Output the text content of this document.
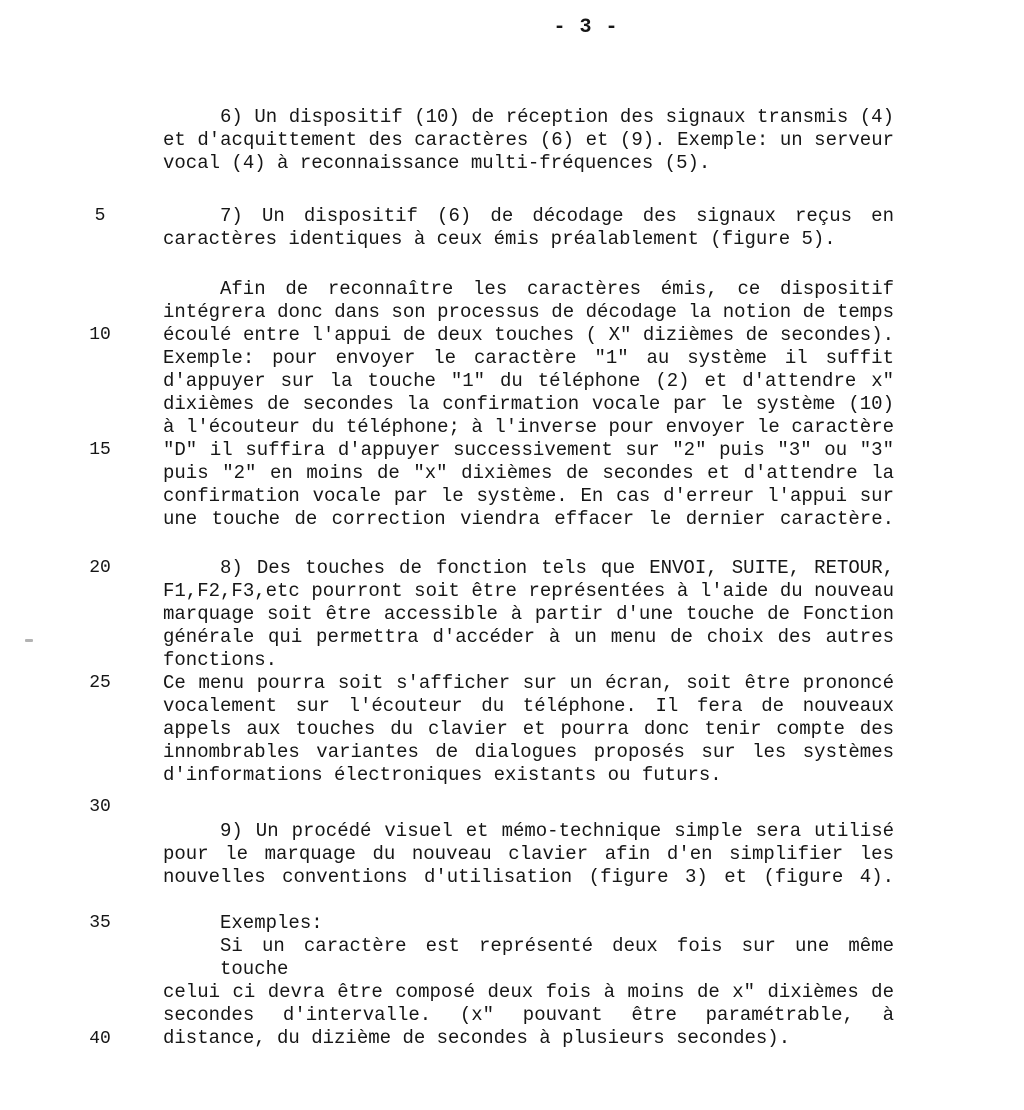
- 3 -
5
10
15
20
25
30
35
40
6) Un dispositif (10) de réception des signaux transmis (4)
et d'acquittement des caractères (6) et (9). Exemple: un serveur
vocal (4) à reconnaissance multi-fréquences (5).
7) Un dispositif (6) de décodage des signaux reçus en
caractères identiques à ceux émis préalablement (figure 5).
Afin de reconnaître les caractères émis, ce dispositif
intégrera donc dans son processus de décodage la notion de temps
écoulé entre l'appui de deux touches ( X" dizièmes de secondes).
Exemple: pour envoyer le caractère "1" au système il suffit
d'appuyer sur la touche "1" du téléphone (2) et d'attendre x"
dixièmes de secondes la confirmation vocale par le système (10)
à l'écouteur du téléphone; à l'inverse pour envoyer le caractère
"D" il suffira d'appuyer successivement sur "2" puis "3" ou "3"
puis "2" en moins de "x" dixièmes de secondes et d'attendre la
confirmation vocale par le système. En cas d'erreur l'appui sur
une touche de correction viendra effacer le dernier caractère.
8) Des touches de fonction tels que ENVOI, SUITE, RETOUR,
F1,F2,F3,etc pourront soit être représentées à l'aide du nouveau
marquage soit être accessible à partir d'une touche de Fonction
générale qui permettra d'accéder à un menu de choix des autres
fonctions.
Ce menu pourra soit s'afficher sur un écran, soit être prononcé
vocalement sur l'écouteur du téléphone. Il fera de nouveaux
appels aux touches du clavier et pourra donc tenir compte des
innombrables variantes de dialogues proposés sur les systèmes
d'informations électroniques existants ou futurs.
9) Un procédé visuel et mémo-technique simple sera utilisé
pour le marquage du nouveau clavier afin d'en simplifier les
nouvelles conventions d'utilisation (figure 3) et (figure 4).
Exemples:
Si un caractère est représenté deux fois sur une même touche
celui ci devra être composé deux fois à moins de x" dixièmes de
secondes d'intervalle. (x" pouvant être paramétrable, à
distance, du dizième de secondes à plusieurs secondes).
